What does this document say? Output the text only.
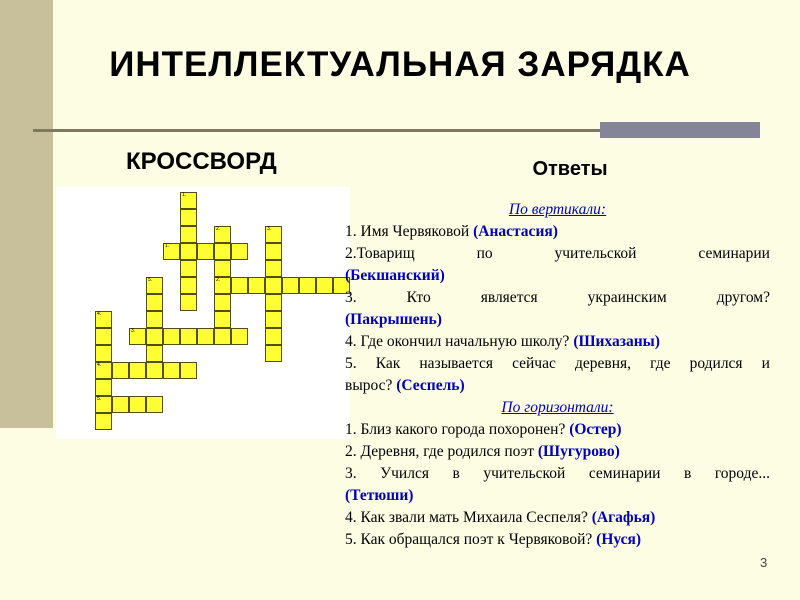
ИНТЕЛЛЕКТУАЛЬНАЯ ЗАРЯДКА
КРОССВОРД	Ответы
1.
2.
2.
3.
4.
4.
5.
5.
1.
3.
По вертикали:
1. Имя Червяковой (Анастасия)
2.Товарищ	по	учительской	семинарии
(Бекшанский)
3.	Кто	является	украинским	другом?
(Пакрышень)
4. Где окончил начальную школу? (Шихазаны)
5. Как называется сейчас деревня, где родился и
вырос? (Сеспель)
По горизонтали:
1. Близ какого города похоронен? (Остер)
2. Деревня, где родился поэт (Шугурово)
3. Учился в учительской семинарии в городе...
(Тетюши)
4. Как звали мать Михаила Сеспеля? (Агафья)
5. Как обращался поэт к Червяковой? (Нуся)
3
